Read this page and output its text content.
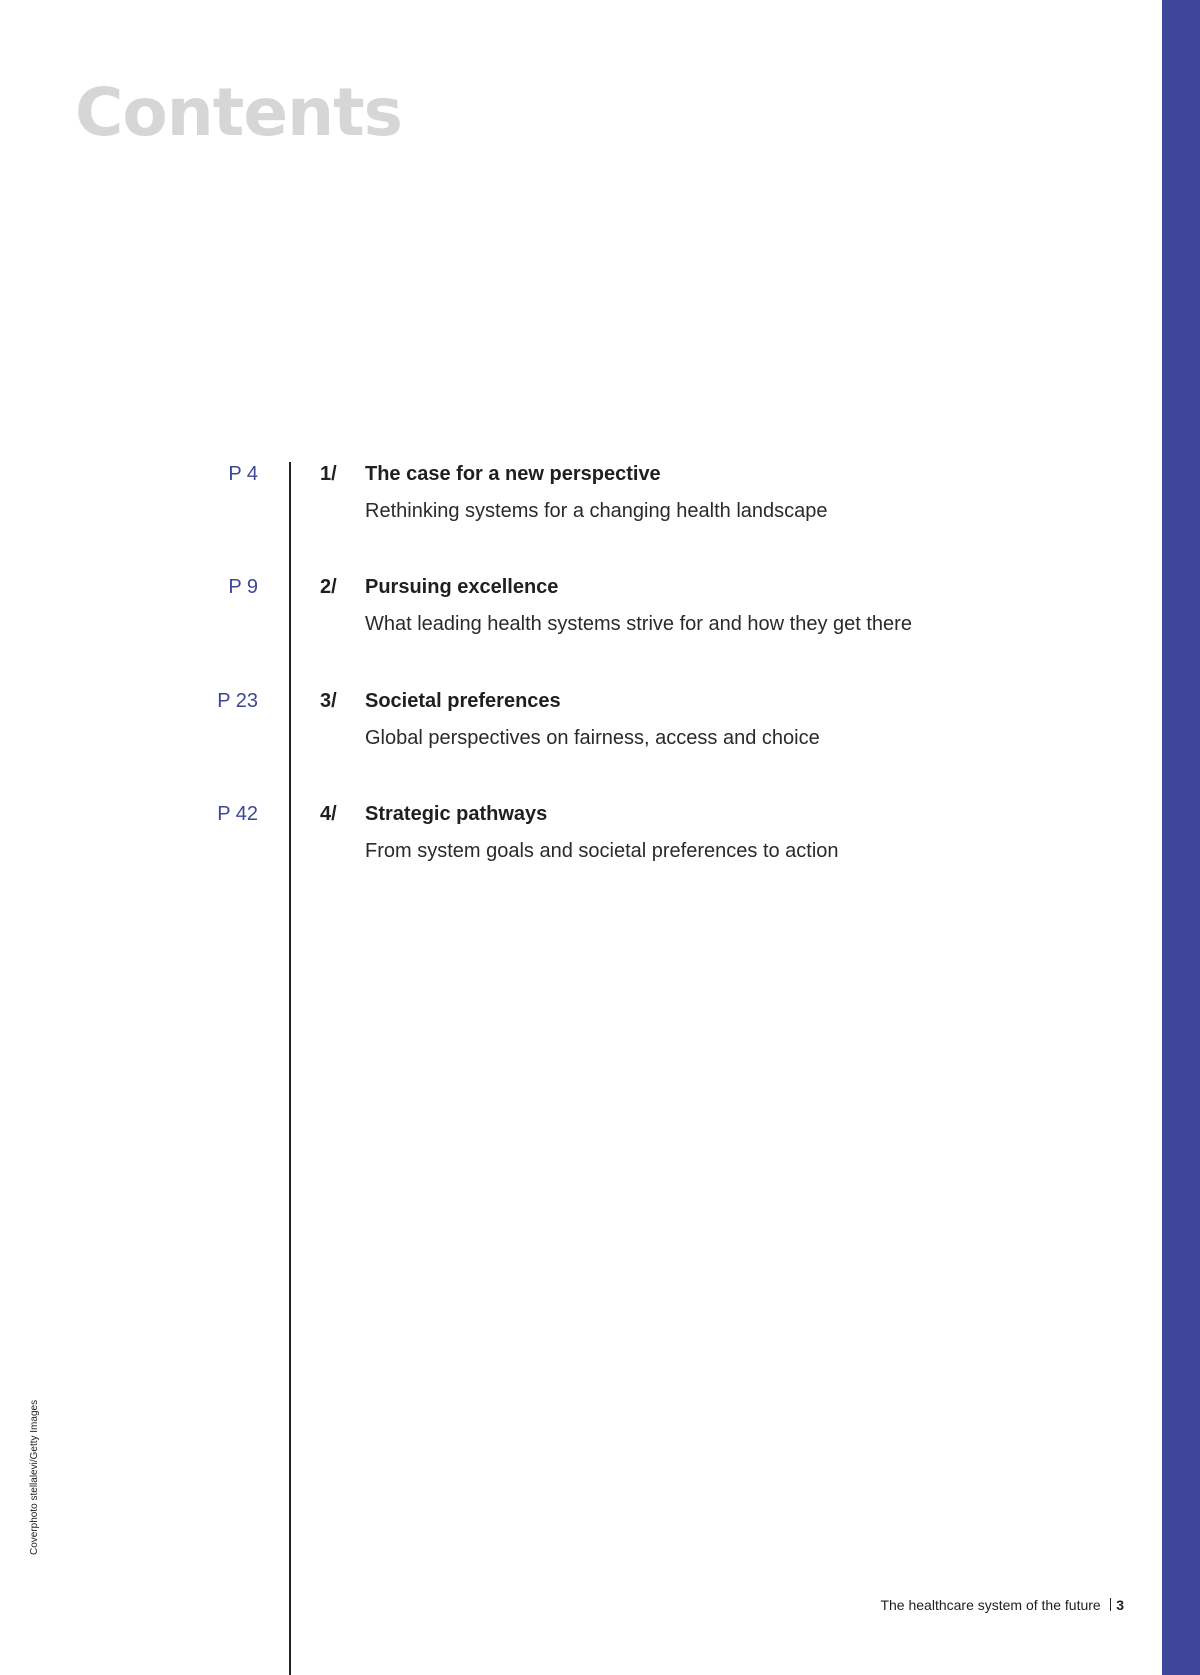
Contents
P 4	1/ The case for a new perspective
Rethinking systems for a changing health landscape
P 9	2/ Pursuing excellence
What leading health systems strive for and how they get there
P 23	3/ Societal preferences
Global perspectives on fairness, access and choice
P 42	4/ Strategic pathways
From system goals and societal preferences to action
Coverphoto stellalevi/Getty Images
The healthcare system of the future 3
